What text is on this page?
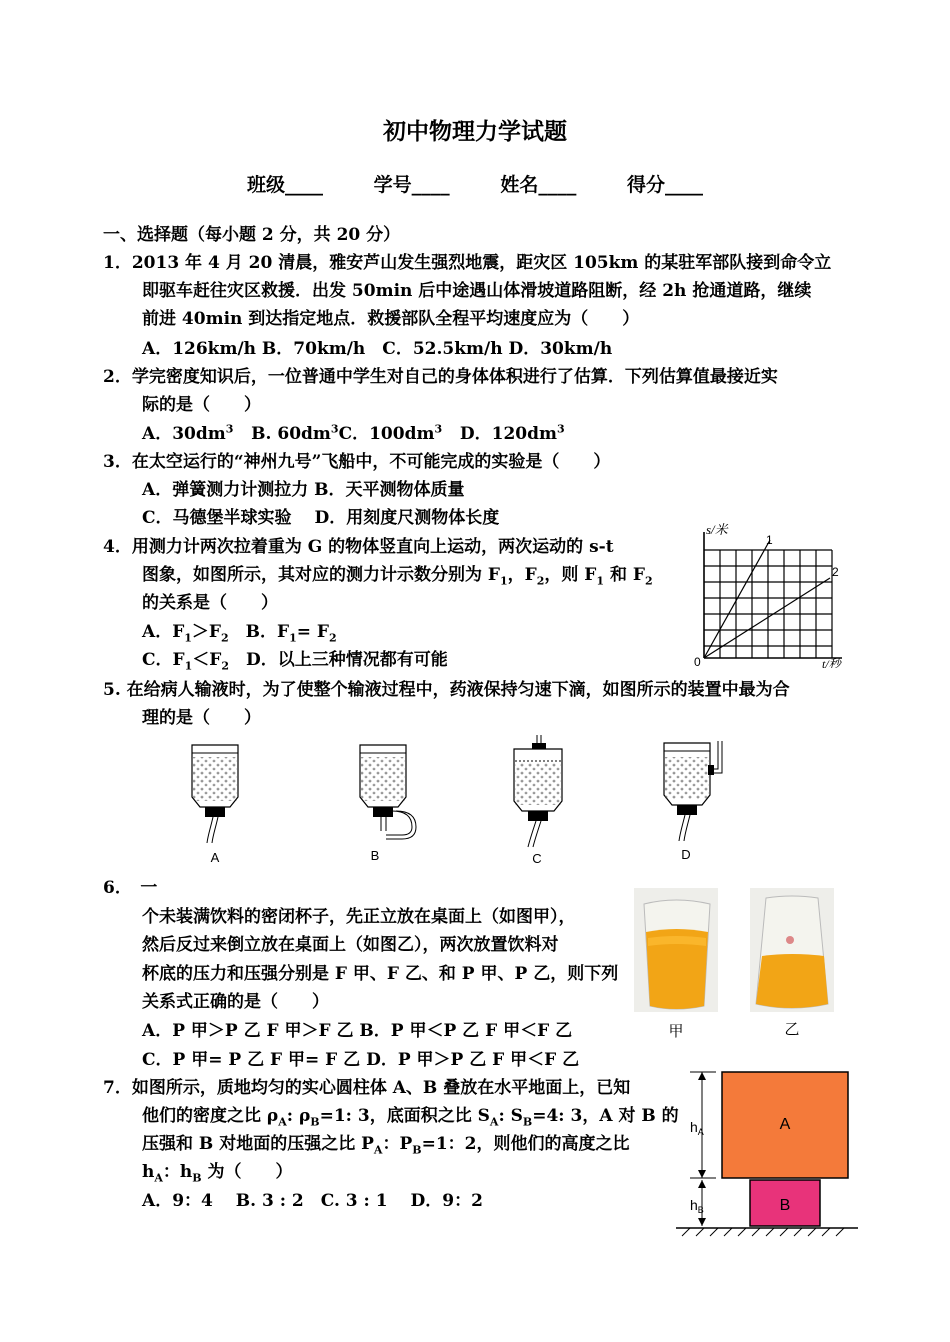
初中物理力学试题
班级____	学号____	姓名____	得分____
一、选择题（每小题 2 分，共 20 分）
1．2013 年 4 月 20 清晨，雅安芦山发生强烈地震，距灾区 105km 的某驻军部队接到命令立
即驱车赶往灾区救援．出发 50min 后中途遇山体滑坡道路阻断，经 2h 抢通道路，继续
前进 40min 到达指定地点．救援部队全程平均速度应为（　　）
A．126km/h B．70km/h　C．52.5km/h D．30km/h
2．学完密度知识后，一位普通中学生对自己的身体体积进行了估算．下列估算值最接近实
际的是（　　）
A．$30dm^3$ B. $60dm^3C$．$100dm^3$ D．$120dm^3$
3．在太空运行的“神州九号”飞船中，不可能完成的实验是（　　）
A．弹簧测力计测拉力 B．天平测物体质量
C．马德堡半球实验　 D．用刻度尺测物体长度
4．用测力计两次拉着重为 G 的物体竖直向上运动，两次运动的 s-t
图象，如图所示，其对应的测力计示数分别为 $F_1$，$F_2$，则 $F_1$ 和 $F_2$
的关系是（　　）
A．$F_1>F_2$　B．$F_1= F_2$
C．$F_1<F_2$　D．以上三种情况都有可能
s/米
t/秒
0
1
2
5. 在给病人输液时，为了使整个输液过程中，药液保持匀速下滴，如图所示的装置中最为合
理的是（　　）
A	B	C	D
6．　一
个未装满饮料的密闭杯子，先正立放在桌面上（如图甲），
然后反过来倒立放在桌面上（如图乙），两次放置饮料对
杯底的压力和压强分别是 F 甲、F 乙、和 P 甲、P 乙，则下列
关系式正确的是（　　）
A．P 甲＞P 乙 F 甲＞F 乙 B．P 甲＜P 乙 F 甲＜F 乙
C．P 甲= P 乙 F 甲= F 乙 D．P 甲＞P 乙 F 甲＜F 乙
甲	乙
7．如图所示，质地均匀的实心圆柱体 A、B 叠放在水平地面上，已知
他们的密度之比 $\rho_A$: $\rho_B=1$: 3，底面积之比 $S_A$: $S_B=4$: 3，A 对 B 的
压强和 B 对地面的压强之比 $P_A$：$P_B=1$：2，则他们的高度之比
$h_A$：$h_B$ 为（　　）
A．9：4　 B. 3 : 2　C. 3 : 1　 D．9：2
A
B
$h_A$
$h_B$
